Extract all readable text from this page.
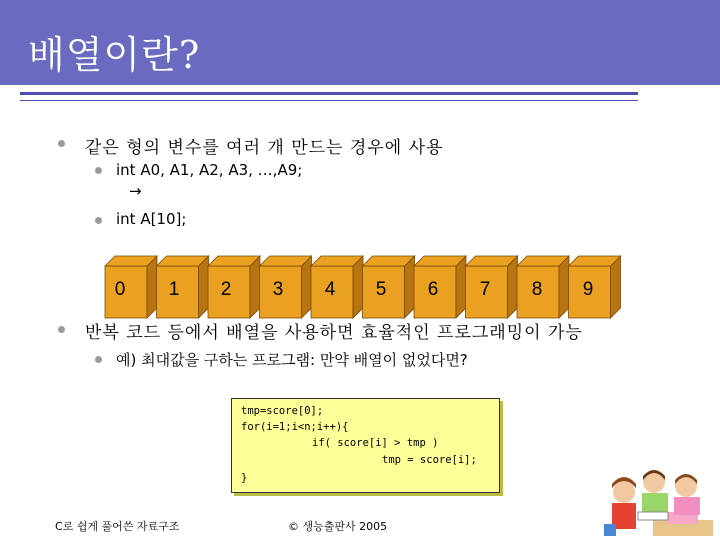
배열이란?
같은 형의 변수를 여러 개 만드는 경우에 사용
int A0, A1, A2, A3, …,A9;
→
int A[10];
0 1 2 3 4 5 6 7 8 9
반복 코드 등에서 배열을 사용하면 효율적인 프로그래밍이 가능
예) 최대값을 구하는 프로그램: 만약 배열이 없었다면?
tmp=score[0];
for(i=1;i<n;i++){
if( score[i] > tmp )
tmp = score[i];
}
C로 쉽게 풀어쓴 자료구조	© 생능출판사 2005
